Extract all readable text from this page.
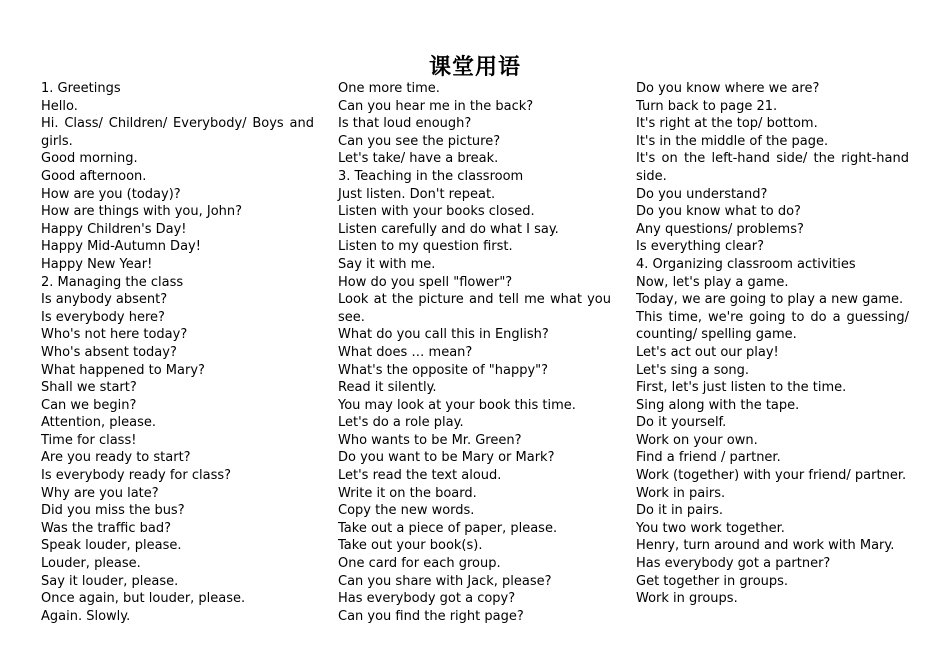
课堂用语
1. Greetings
Hello.
Hi. Class/ Children/ Everybody/ Boys and girls.
Good morning.
Good afternoon.
How are you (today)?
How are things with you, John?
Happy Children's Day!
Happy Mid-Autumn Day!
Happy New Year!
2. Managing the class
Is anybody absent?
Is everybody here?
Who's not here today?
Who's absent today?
What happened to Mary?
Shall we start?
Can we begin?
Attention, please.
Time for class!
Are you ready to start?
Is everybody ready for class?
Why are you late?
Did you miss the bus?
Was the traffic bad?
Speak louder, please.
Louder, please.
Say it louder, please.
Once again, but louder, please.
Again. Slowly.
One more time.
Can you hear me in the back?
Is that loud enough?
Can you see the picture?
Let's take/ have a break.
3. Teaching in the classroom
Just listen. Don't repeat.
Listen with your books closed.
Listen carefully and do what I say.
Listen to my question first.
Say it with me.
How do you spell "flower"?
Look at the picture and tell me what you see.
What do you call this in English?
What does … mean?
What's the opposite of "happy"?
Read it silently.
You may look at your book this time.
Let's do a role play.
Who wants to be Mr. Green?
Do you want to be Mary or Mark?
Let's read the text aloud.
Write it on the board.
Copy the new words.
Take out a piece of paper, please.
Take out your book(s).
One card for each group.
Can you share with Jack, please?
Has everybody got a copy?
Can you find the right page?
Do you know where we are?
Turn back to page 21.
It's right at the top/ bottom.
It's in the middle of the page.
It's on the left-hand side/ the right-hand side.
Do you understand?
Do you know what to do?
Any questions/ problems?
Is everything clear?
4. Organizing classroom activities
Now, let's play a game.
Today, we are going to play a new game.
This time, we're going to do a guessing/ counting/ spelling game.
Let's act out our play!
Let's sing a song.
First, let's just listen to the time.
Sing along with the tape.
Do it yourself.
Work on your own.
Find a friend / partner.
Work (together) with your friend/ partner.
Work in pairs.
Do it in pairs.
You two work together.
Henry, turn around and work with Mary.
Has everybody got a partner?
Get together in groups.
Work in groups.
